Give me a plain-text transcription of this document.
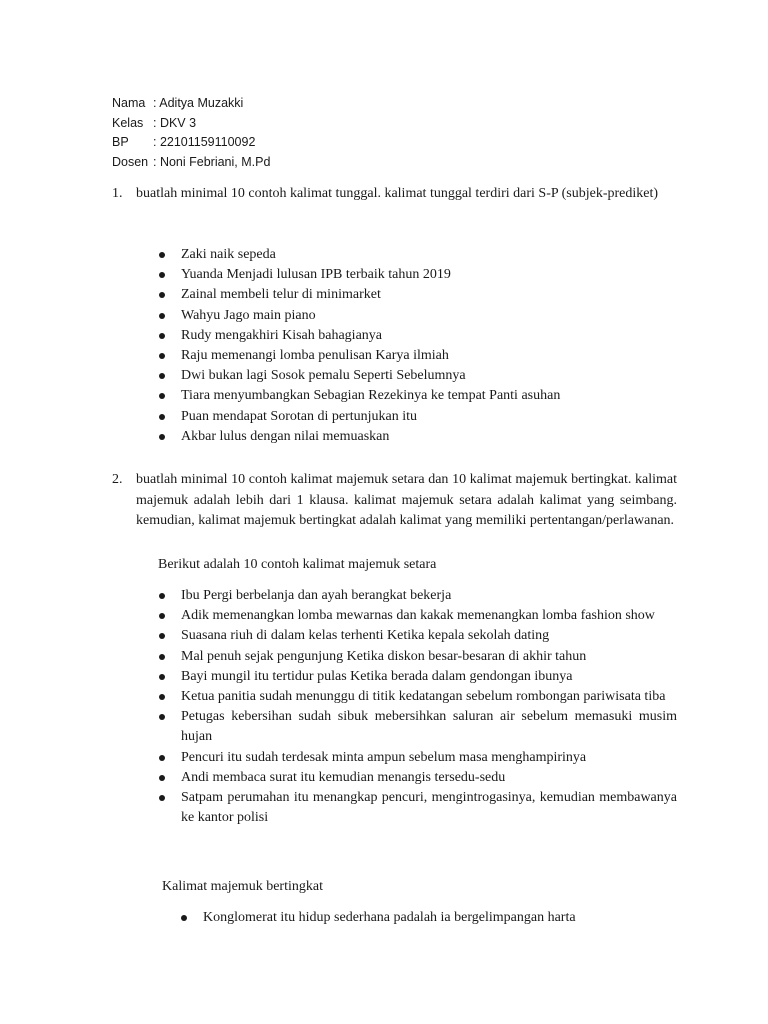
Nama : Aditya Muzakki
Kelas : DKV 3
BP	: 22101159110092
Dosen : Noni Febriani, M.Pd
1. buatlah minimal 10 contoh kalimat tunggal. kalimat tunggal terdiri dari S-P (subjek-prediket)
Zaki naik sepeda
Yuanda Menjadi lulusan IPB terbaik tahun 2019
Zainal membeli telur di minimarket
Wahyu Jago main piano
Rudy mengakhiri Kisah bahagianya
Raju memenangi lomba penulisan Karya ilmiah
Dwi bukan lagi Sosok pemalu Seperti Sebelumnya
Tiara menyumbangkan Sebagian Rezekinya ke tempat Panti asuhan
Puan mendapat Sorotan di pertunjukan itu
Akbar lulus dengan nilai memuaskan
2. buatlah minimal 10 contoh kalimat majemuk setara dan 10 kalimat majemuk bertingkat. kalimat majemuk adalah lebih dari 1 klausa. kalimat majemuk setara adalah kalimat yang seimbang. kemudian, kalimat majemuk bertingkat adalah kalimat yang memiliki pertentangan/perlawanan.
Berikut adalah 10 contoh kalimat majemuk setara
Ibu Pergi berbelanja dan ayah berangkat bekerja
Adik memenangkan lomba mewarnas dan kakak memenangkan lomba fashion show
Suasana riuh di dalam kelas terhenti Ketika kepala sekolah dating
Mal penuh sejak pengunjung Ketika diskon besar-besaran di akhir tahun
Bayi mungil itu tertidur pulas Ketika berada dalam gendongan ibunya
Ketua panitia sudah menunggu di titik kedatangan sebelum rombongan pariwisata tiba
Petugas kebersihan sudah sibuk mebersihkan saluran air sebelum memasuki musim hujan
Pencuri itu sudah terdesak minta ampun sebelum masa menghampirinya
Andi membaca surat itu kemudian menangis tersedu-sedu
Satpam perumahan itu menangkap pencuri, mengintrogasinya, kemudian membawanya ke kantor polisi
Kalimat majemuk bertingkat
Konglomerat itu hidup sederhana padalah ia bergelimpangan harta
